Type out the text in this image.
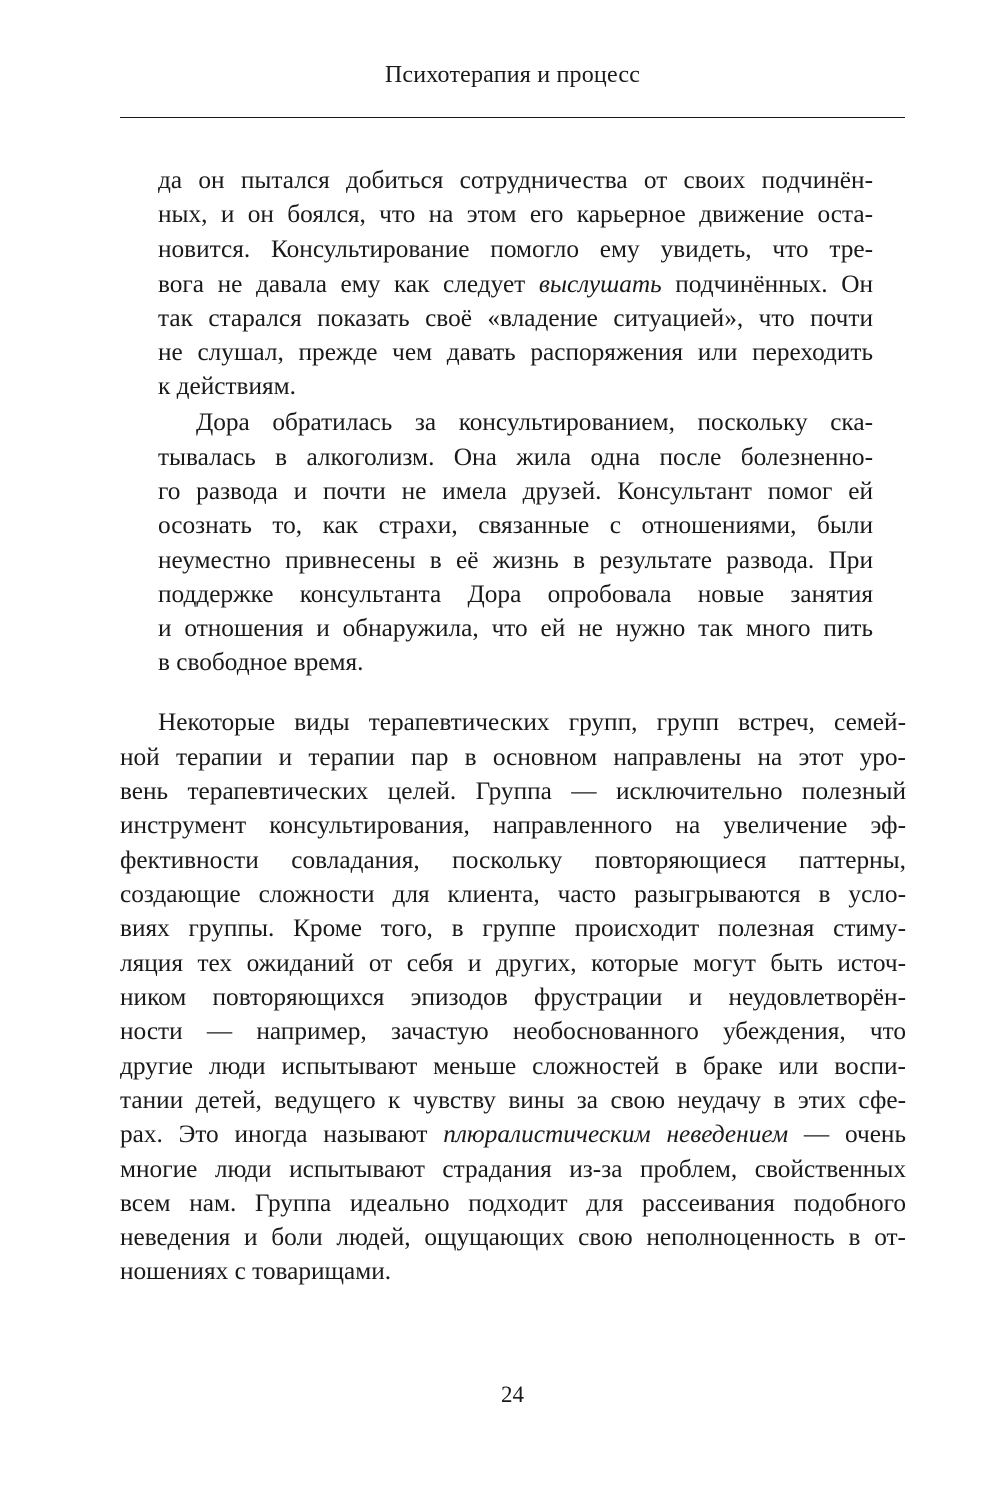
Психотерапия и процесс
да он пытался добиться сотрудничества от своих подчинён-
ных, и он боялся, что на этом его карьерное движение оста-
новится. Консультирование помогло ему увидеть, что тре-
вога не давала ему как следует выслушать подчинённых. Он
так старался показать своё «владение ситуацией», что почти
не слушал, прежде чем давать распоряжения или переходить
к действиям.
Дора обратилась за консультированием, поскольку ска-
тывалась в алкоголизм. Она жила одна после болезненно-
го развода и почти не имела друзей. Консультант помог ей
осознать то, как страхи, связанные с отношениями, были
неуместно привнесены в её жизнь в результате развода. При
поддержке консультанта Дора опробовала новые занятия
и отношения и обнаружила, что ей не нужно так много пить
в свободное время.
Некоторые виды терапевтических групп, групп встреч, семей-
ной терапии и терапии пар в основном направлены на этот уро-
вень терапевтических целей. Группа — исключительно полезный
инструмент консультирования, направленного на увеличение эф-
фективности совладания, поскольку повторяющиеся паттерны,
создающие сложности для клиента, часто разыгрываются в усло-
виях группы. Кроме того, в группе происходит полезная стиму-
ляция тех ожиданий от себя и других, которые могут быть источ-
ником повторяющихся эпизодов фрустрации и неудовлетворён-
ности — например, зачастую необоснованного убеждения, что
другие люди испытывают меньше сложностей в браке или воспи-
тании детей, ведущего к чувству вины за свою неудачу в этих сфе-
рах. Это иногда называют плюралистическим неведением — очень
многие люди испытывают страдания из-за проблем, свойственных
всем нам. Группа идеально подходит для рассеивания подобного
неведения и боли людей, ощущающих свою неполноценность в от-
ношениях с товарищами.
24
